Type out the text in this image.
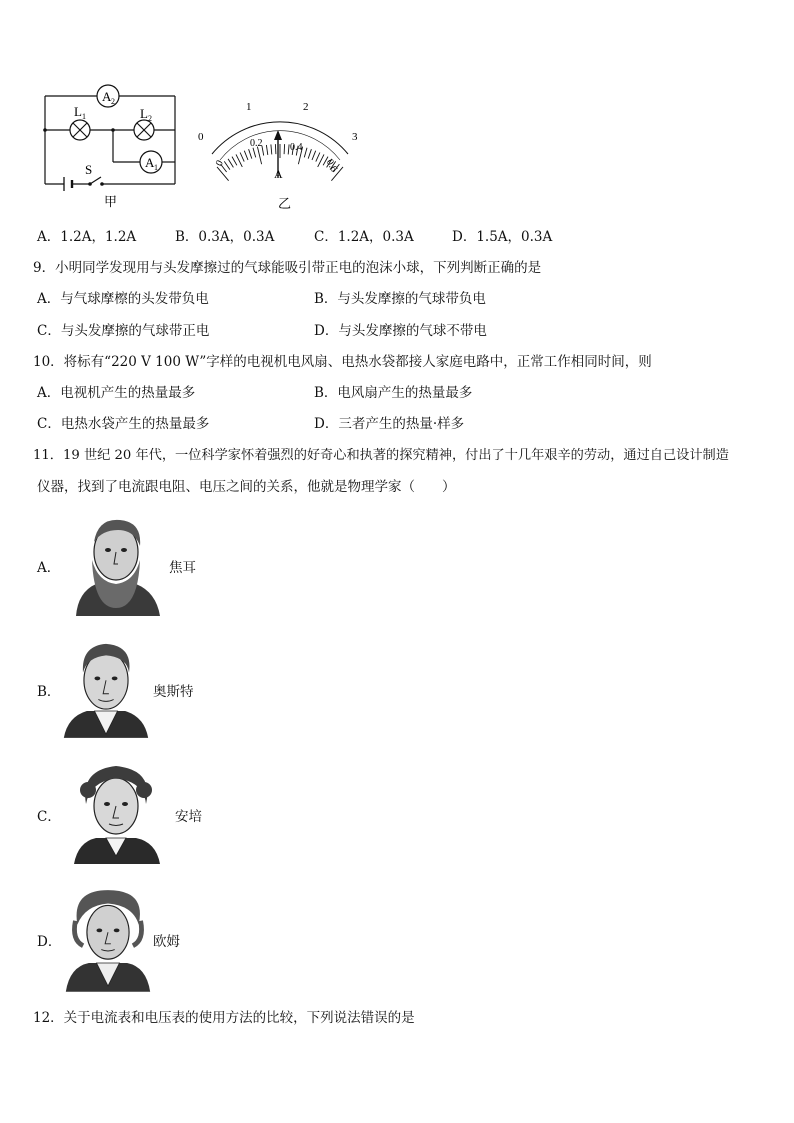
A 2
L 1	L 2
A 1
S
甲
0
1	2
3
0
0.2	0.4
0.6
A
乙
A．1.2A，1.2A	B．0.3A，0.3A	C．1.2A，0.3A	D．1.5A，0.3A
9．小明同学发现用与头发摩擦过的气球能吸引带正电的泡沫小球，下列判断正确的是
A．与气球摩檫的头发带负电	B．与头发摩擦的气球带负电
C．与头发摩擦的气球带正电	D．与头发摩擦的气球不带电
10．将标有“220 V 100 W”字样的电视机电风扇、电热水袋都接人家庭电路中，正常工作相同时间，则
A．电视机产生的热量最多	B．电风扇产生的热量最多
C．电热水袋产生的热量最多	D．三者产生的热量·样多
11．19 世纪 20 年代，一位科学家怀着强烈的好奇心和执著的探究精神，付出了十几年艰辛的劳动，通过自己设计制造
仪器，找到了电流跟电阻、电压之间的关系，他就是物理学家（　　）
A．	焦耳
B．	奥斯特
C．	安培
D．	欧姆
12．关于电流表和电压表的使用方法的比较，下列说法错误的是
